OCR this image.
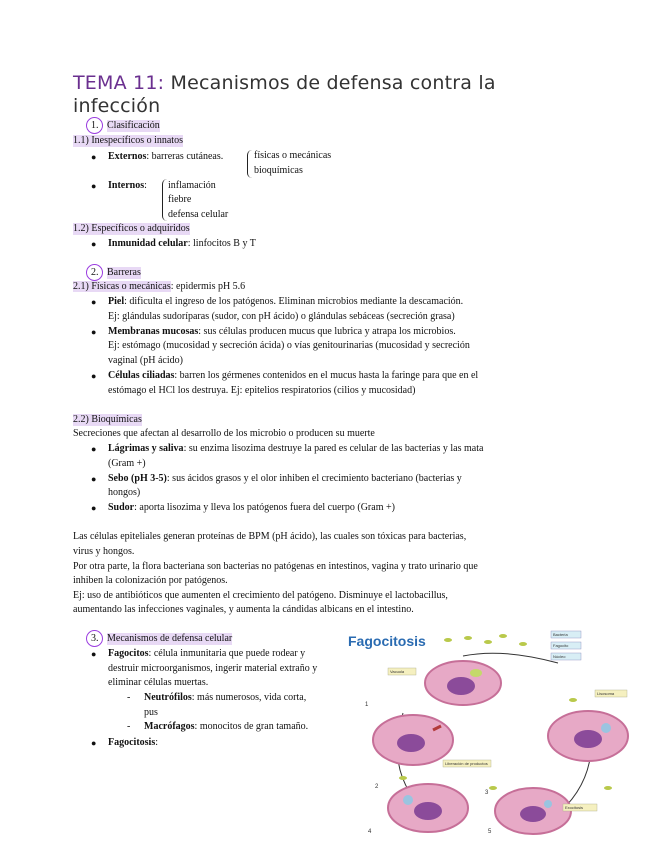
TEMA 11: Mecanismos de defensa contra la
infección
1. Clasificación
1.1) Inespecíficos o innatos
● Externos: barreras cutáneas.	físicas o mecánicas
bioquímicas
● Internos: inflamación
fiebre
defensa celular
1.2) Específicos o adquiridos
● Inmunidad celular: linfocitos B y T
2. Barreras
2.1) Físicas o mecánicas: epidermis pH 5.6
● Piel: dificulta el ingreso de los patógenos. Eliminan microbios mediante la descamación.
Ej: glándulas sudoríparas (sudor, con pH ácido) o glándulas sebáceas (secreción grasa)
● Membranas mucosas: sus células producen mucus que lubrica y atrapa los microbios.
Ej: estómago (mucosidad y secreción ácida) o vías genitourinarias (mucosidad y secreción
vaginal (pH ácido)
● Células ciliadas: barren los gérmenes contenidos en el mucus hasta la faringe para que en el
estómago el HCl los destruya. Ej: epitelios respiratorios (cilios y mucosidad)
2.2) Bioquímicas
Secreciones que afectan al desarrollo de los microbio o producen su muerte
● Lágrimas y saliva: su enzima lisozima destruye la pared es celular de las bacterias y las mata
(Gram +)
● Sebo (pH 3-5): sus ácidos grasos y el olor inhiben el crecimiento bacteriano (bacterias y
hongos)
● Sudor: aporta lisozima y lleva los patógenos fuera del cuerpo (Gram +)
Las células epiteliales generan proteínas de BPM (pH ácido), las cuales son tóxicas para bacterias,
virus y hongos.
Por otra parte, la flora bacteriana son bacterias no patógenas en intestinos, vagina y trato urinario que
inhiben la colonización por patógenos.
Ej: uso de antibióticos que aumenten el crecimiento del patógeno. Disminuye el lactobacillus,
aumentando las infecciones vaginales, y aumenta la cándidas albicans en el intestino.
3. Mecanismos de defensa celular
● Fagocitos: célula inmunitaria que puede rodear y
destruir microorganismos, ingerir material extraño y
eliminar células muertas.
- Neutrófilos: más numerosos, vida corta,
pus
- Macrófagos: monocitos de gran tamaño.
● Fagocitosis:
Fagocitosis
1
2
3
4	5
Bacteria
Fagocito
Núcleo
Vacuola
Lisosoma
Liberación de productos
Exocitosis
